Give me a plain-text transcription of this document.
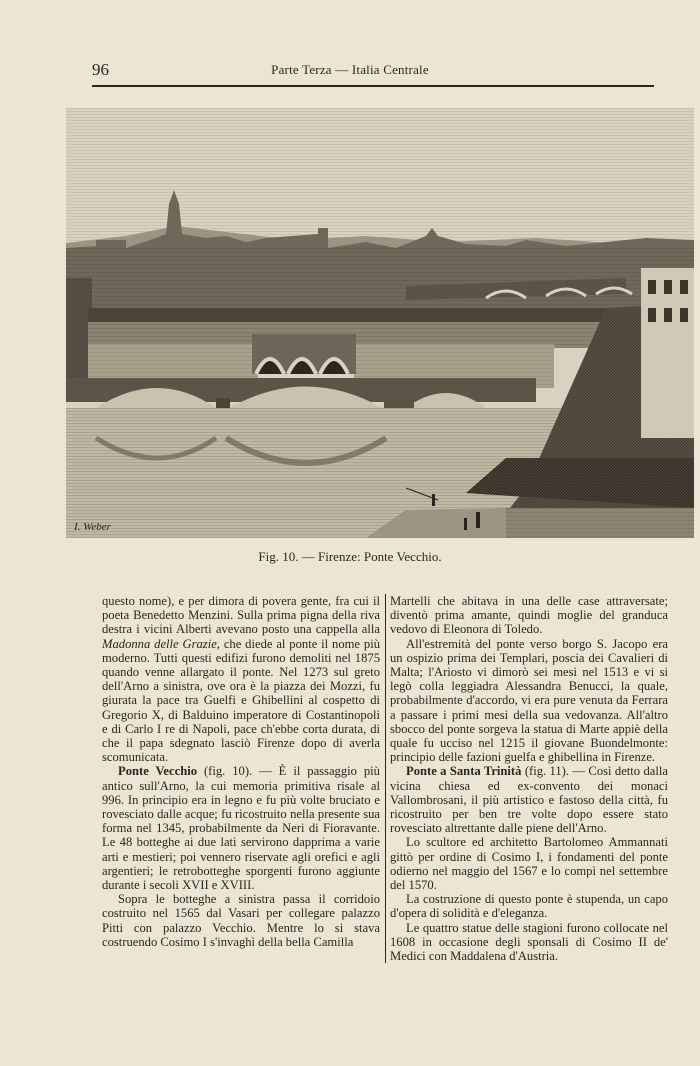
96	Parte Terza — Italia Centrale
I. Weber
Fig. 10. — Firenze: Ponte Vecchio.

questo nome), e per dimora di povera gente, fra cui il poeta Benedetto Menzini. Sulla prima pigna della riva destra i vicini Alberti avevano posto una cappella alla Madonna delle Grazie, che diede al ponte il nome più moderno. Tutti questi edifizi furono demoliti nel 1875 quando venne allargato il ponte. Nel 1273 sul greto dell'Arno a sinistra, ove ora è la piazza dei Mozzi, fu giurata la pace tra Guelfi e Ghibellini al cospetto di Gregorio X, di Balduino imperatore di Costantinopoli e di Carlo I re di Napoli, pace ch'ebbe corta durata, di che il papa sdegnato lasciò Firenze dopo di averla scomunicata.

Ponte Vecchio (fig. 10). — È il passaggio più antico sull'Arno, la cui memoria primitiva risale al 996. In principio era in legno e fu più volte bruciato e rovesciato dalle acque; fu ricostruito nella presente sua forma nel 1345, probabilmente da Neri di Fioravante. Le 48 botteghe ai due lati servirono dapprima a varie arti e mestieri; poi vennero riservate agli orefici e agli argentieri; le retrobotteghe sporgenti furono aggiunte durante i secoli XVII e XVIII.

Sopra le botteghe a sinistra passa il corridoio costruito nel 1565 dal Vasari per collegare palazzo Pitti con palazzo Vecchio. Mentre lo si stava costruendo Cosimo I s'invaghì della bella Camilla

Martelli che abitava in una delle case attraversate; diventò prima amante, quindi moglie del granduca vedovo di Eleonora di Toledo.

All'estremità del ponte verso borgo S. Jacopo era un ospizio prima dei Templari, poscia dei Cavalieri di Malta; l'Ariosto vi dimorò sei mesi nel 1513 e vi si legò colla leggiadra Alessandra Benucci, la quale, probabilmente d'accordo, vi era pure venuta da Ferrara a passare i primi mesi della sua vedovanza. All'altro sbocco del ponte sorgeva la statua di Marte appiè della quale fu ucciso nel 1215 il giovane Buondelmonte: principio delle fazioni guelfa e ghibellina in Firenze.

Ponte a Santa Trinità (fig. 11). — Così detto dalla vicina chiesa ed ex-convento dei monaci Vallombrosani, il più artistico e fastoso della città, fu ricostruito per ben tre volte dopo essere stato rovesciato altrettante dalle piene dell'Arno.

Lo scultore ed architetto Bartolomeo Ammannati gittò per ordine di Cosimo I, i fondamenti del ponte odierno nel maggio del 1567 e lo compì nel settembre del 1570.

La costruzione di questo ponte è stupenda, un capo d'opera di solidità e d'eleganza.

Le quattro statue delle stagioni furono collocate nel 1608 in occasione degli sponsali di Cosimo II de' Medici con Maddalena d'Austria.
